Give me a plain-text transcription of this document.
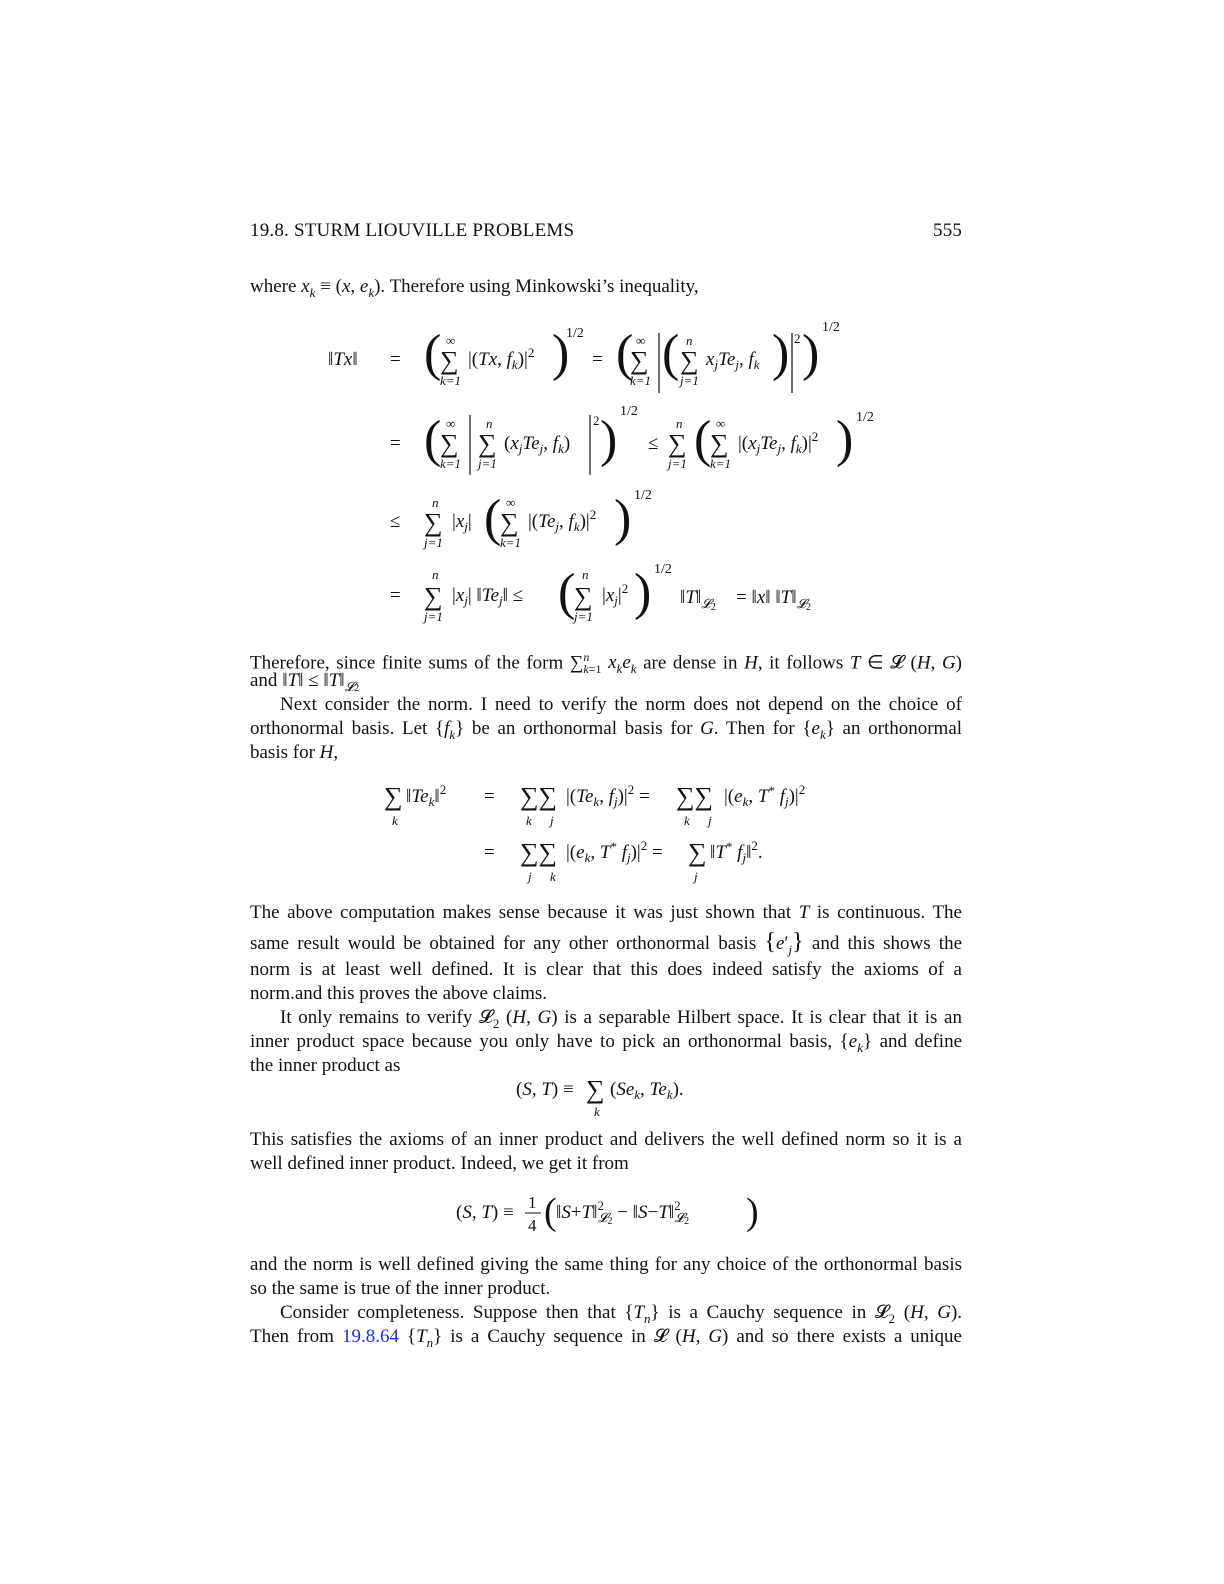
19.8. STURM LIOUVILLE PROBLEMS	555
where $x_k \equiv (x$, $e_k$). Therefore using Minkowski’s inequality,
‖Tx‖ = ( ∞
∑
k=1
|(Tx, $f_k)|^2$ )
1/2
= ( ∞
∑
k=1 ( n
∑
j=1
$x_jTe_j$, $f_k$ ) 2 ) 1/2
= ( ∞
∑
k=1
n
∑
j=1
($x_jTe_j$, $f_k$)
2 ) 1/2
≤
n
∑
j=1 ( ∞
∑
k=1
$|(x_jTe_j$, $f_k)|^2$ ) 1/2
≤
n
∑
j=1
$|x_j|$ ( ∞
∑
k=1
$|(Te_j$, $f_k)|^2$ ) 1/2
=
n
∑
j=1
$|x_j|$ $‖Te_j‖$ ≤ ( n
∑
j=1
$|x_j|^2$ ) 1/2
$‖T‖_𝓛2$ = ‖x‖ $‖T‖_𝓛2$
Therefore, since finite sums of the form ∑$^n_{k=1}$ $x_ke_k$ are dense in H, it follows T ∈ 𝓛 (H, G)
and ‖T‖ ≤ $‖T‖_{𝓛2}$
Next consider the norm. I need to verify the norm does not depend on the choice of
orthonormal basis. Let $\{f_k\}$ be an orthonormal basis for G. Then for $\{e_k\}$ an orthonormal
basis for H,
∑
k
$‖Te_k‖^2$ = ∑∑
k j
$|(Te_k$, $f_j)|^2$ = ∑∑
k j
$|(e_k$, T* $f_j)|^2$
= ∑∑
j k
$|(e_k$, T* $f_j)|^2$ = ∑
j
‖T* $f_j‖^2$.
The above computation makes sense because it was just shown that T is continuous. The
same result would be obtained for any other orthonormal basis $\{e'_j\}$ and this shows the
norm is at least well defined. It is clear that this does indeed satisfy the axioms of a
norm.and this proves the above claims.
It only remains to verify 𝓛$_2$ (H, G) is a separable Hilbert space. It is clear that it is an
inner product space because you only have to pick an orthonormal basis, $\{e_k\}$ and define
the inner product as
(S, T) ≡ ∑
k
($Se_k$, $Te_k$).
This satisfies the axioms of an inner product and delivers the well defined norm so it is a
well defined inner product. Indeed, we get it from
(S, T) ≡ 1
4 ( ‖S+T‖$^2$ 𝓛2 − ‖S−T‖$^2$ 𝓛2 )
and the norm is well defined giving the same thing for any choice of the orthonormal basis
so the same is true of the inner product.
Consider completeness. Suppose then that $\{T_n\}$ is a Cauchy sequence in 𝓛$_2$ (H, G).
Then from 19.8.64 $\{T_n\}$ is a Cauchy sequence in 𝓛 (H, G) and so there exists a unique
